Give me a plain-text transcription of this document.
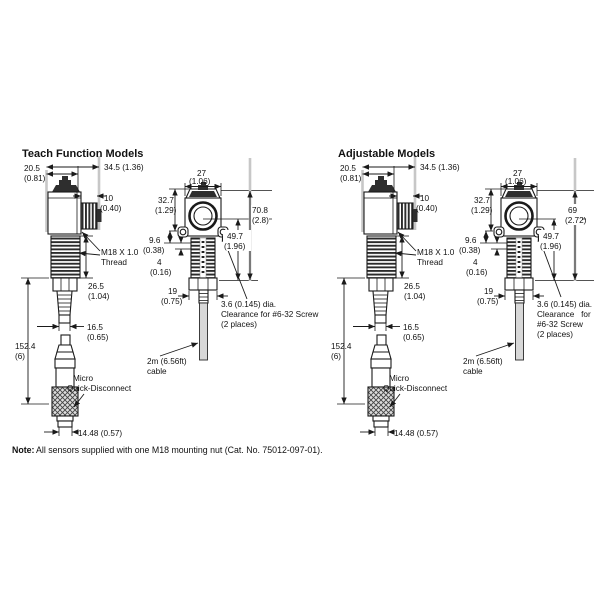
Teach Function Models
20.5
(0.81)
34.5 (1.36)
10
(0.40)
M18 X 1.0
Thread
26.5
(1.04)
16.5
(0.65)
152.4
(6)
Micro
Quick-Disconnect
14.48 (0.57)
27
(1.06)
32.7
(1.29)
9.6
(0.38)
4
(0.16)
19
(0.75)
49.7
(1.96)
70.8
(2.8)
3.6 (0.145) dia.
Clearance for #6-32 Screw
(2 places)
2m (6.56ft)
cable
Adjustable Models
20.5
(0.81)
34.5 (1.36)
10
(0.40)
M18 X 1.0
Thread
26.5
(1.04)
16.5
(0.65)
152.4
(6)
Micro
Quick-Disconnect
14.48 (0.57)
27
(1.06)
32.7
(1.29)
9.6
(0.38)
4
(0.16)
19
(0.75)
49.7
(1.96)
69
(2.72)
3.6 (0.145) dia.
Clearance   for
#6-32 Screw
(2 places)
2m (6.56ft)
cable
Note: All sensors supplied with one M18 mounting nut (Cat. No. 75012-097-01).
